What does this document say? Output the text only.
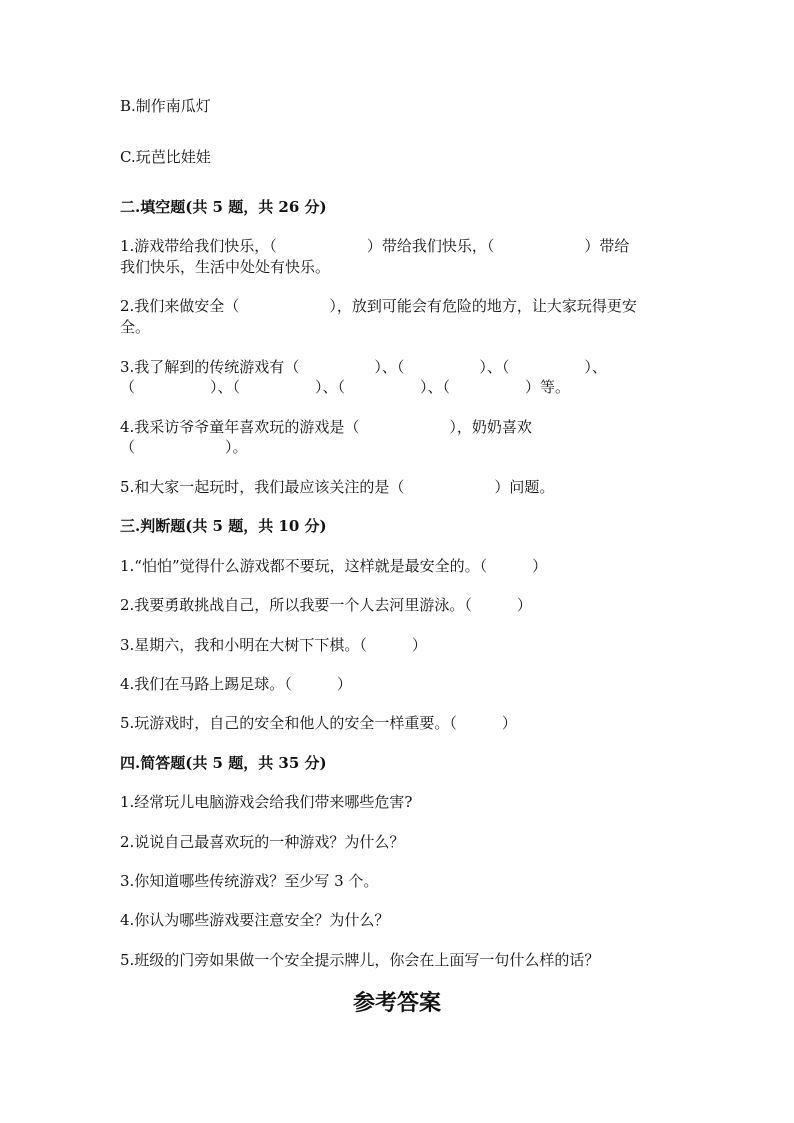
B.制作南瓜灯
C.玩芭比娃娃
二.填空题(共 5 题，共 26 分)
1.游戏带给我们快乐，（　　　　　　）带给我们快乐，（　　　　　　）带给
我们快乐，生活中处处有快乐。
2.我们来做安全（　　　　　　），放到可能会有危险的地方，让大家玩得更安
全。
3.我了解到的传统游戏有（　　　　　）、（　　　　　）、（　　　　　）、
（　　　　　）、（　　　　　）、（　　　　　）、（　　　　　）等。
4.我采访爷爷童年喜欢玩的游戏是（　　　　　　），奶奶喜欢
（　　　　　　）。
5.和大家一起玩时，我们最应该关注的是（　　　　　　）问题。
三.判断题(共 5 题，共 10 分)
1.“怕怕”觉得什么游戏都不要玩，这样就是最安全的。（　　　）
2.我要勇敢挑战自己，所以我要一个人去河里游泳。（　　　）
3.星期六，我和小明在大树下下棋。（　　　）
4.我们在马路上踢足球。（　　　）
5.玩游戏时，自己的安全和他人的安全一样重要。（　　　）
四.简答题(共 5 题，共 35 分)
1.经常玩儿电脑游戏会给我们带来哪些危害?
2.说说自己最喜欢玩的一种游戏？为什么？
3.你知道哪些传统游戏？至少写 3 个。
4.你认为哪些游戏要注意安全？为什么？
5.班级的门旁如果做一个安全提示牌儿，你会在上面写一句什么样的话？
参考答案
